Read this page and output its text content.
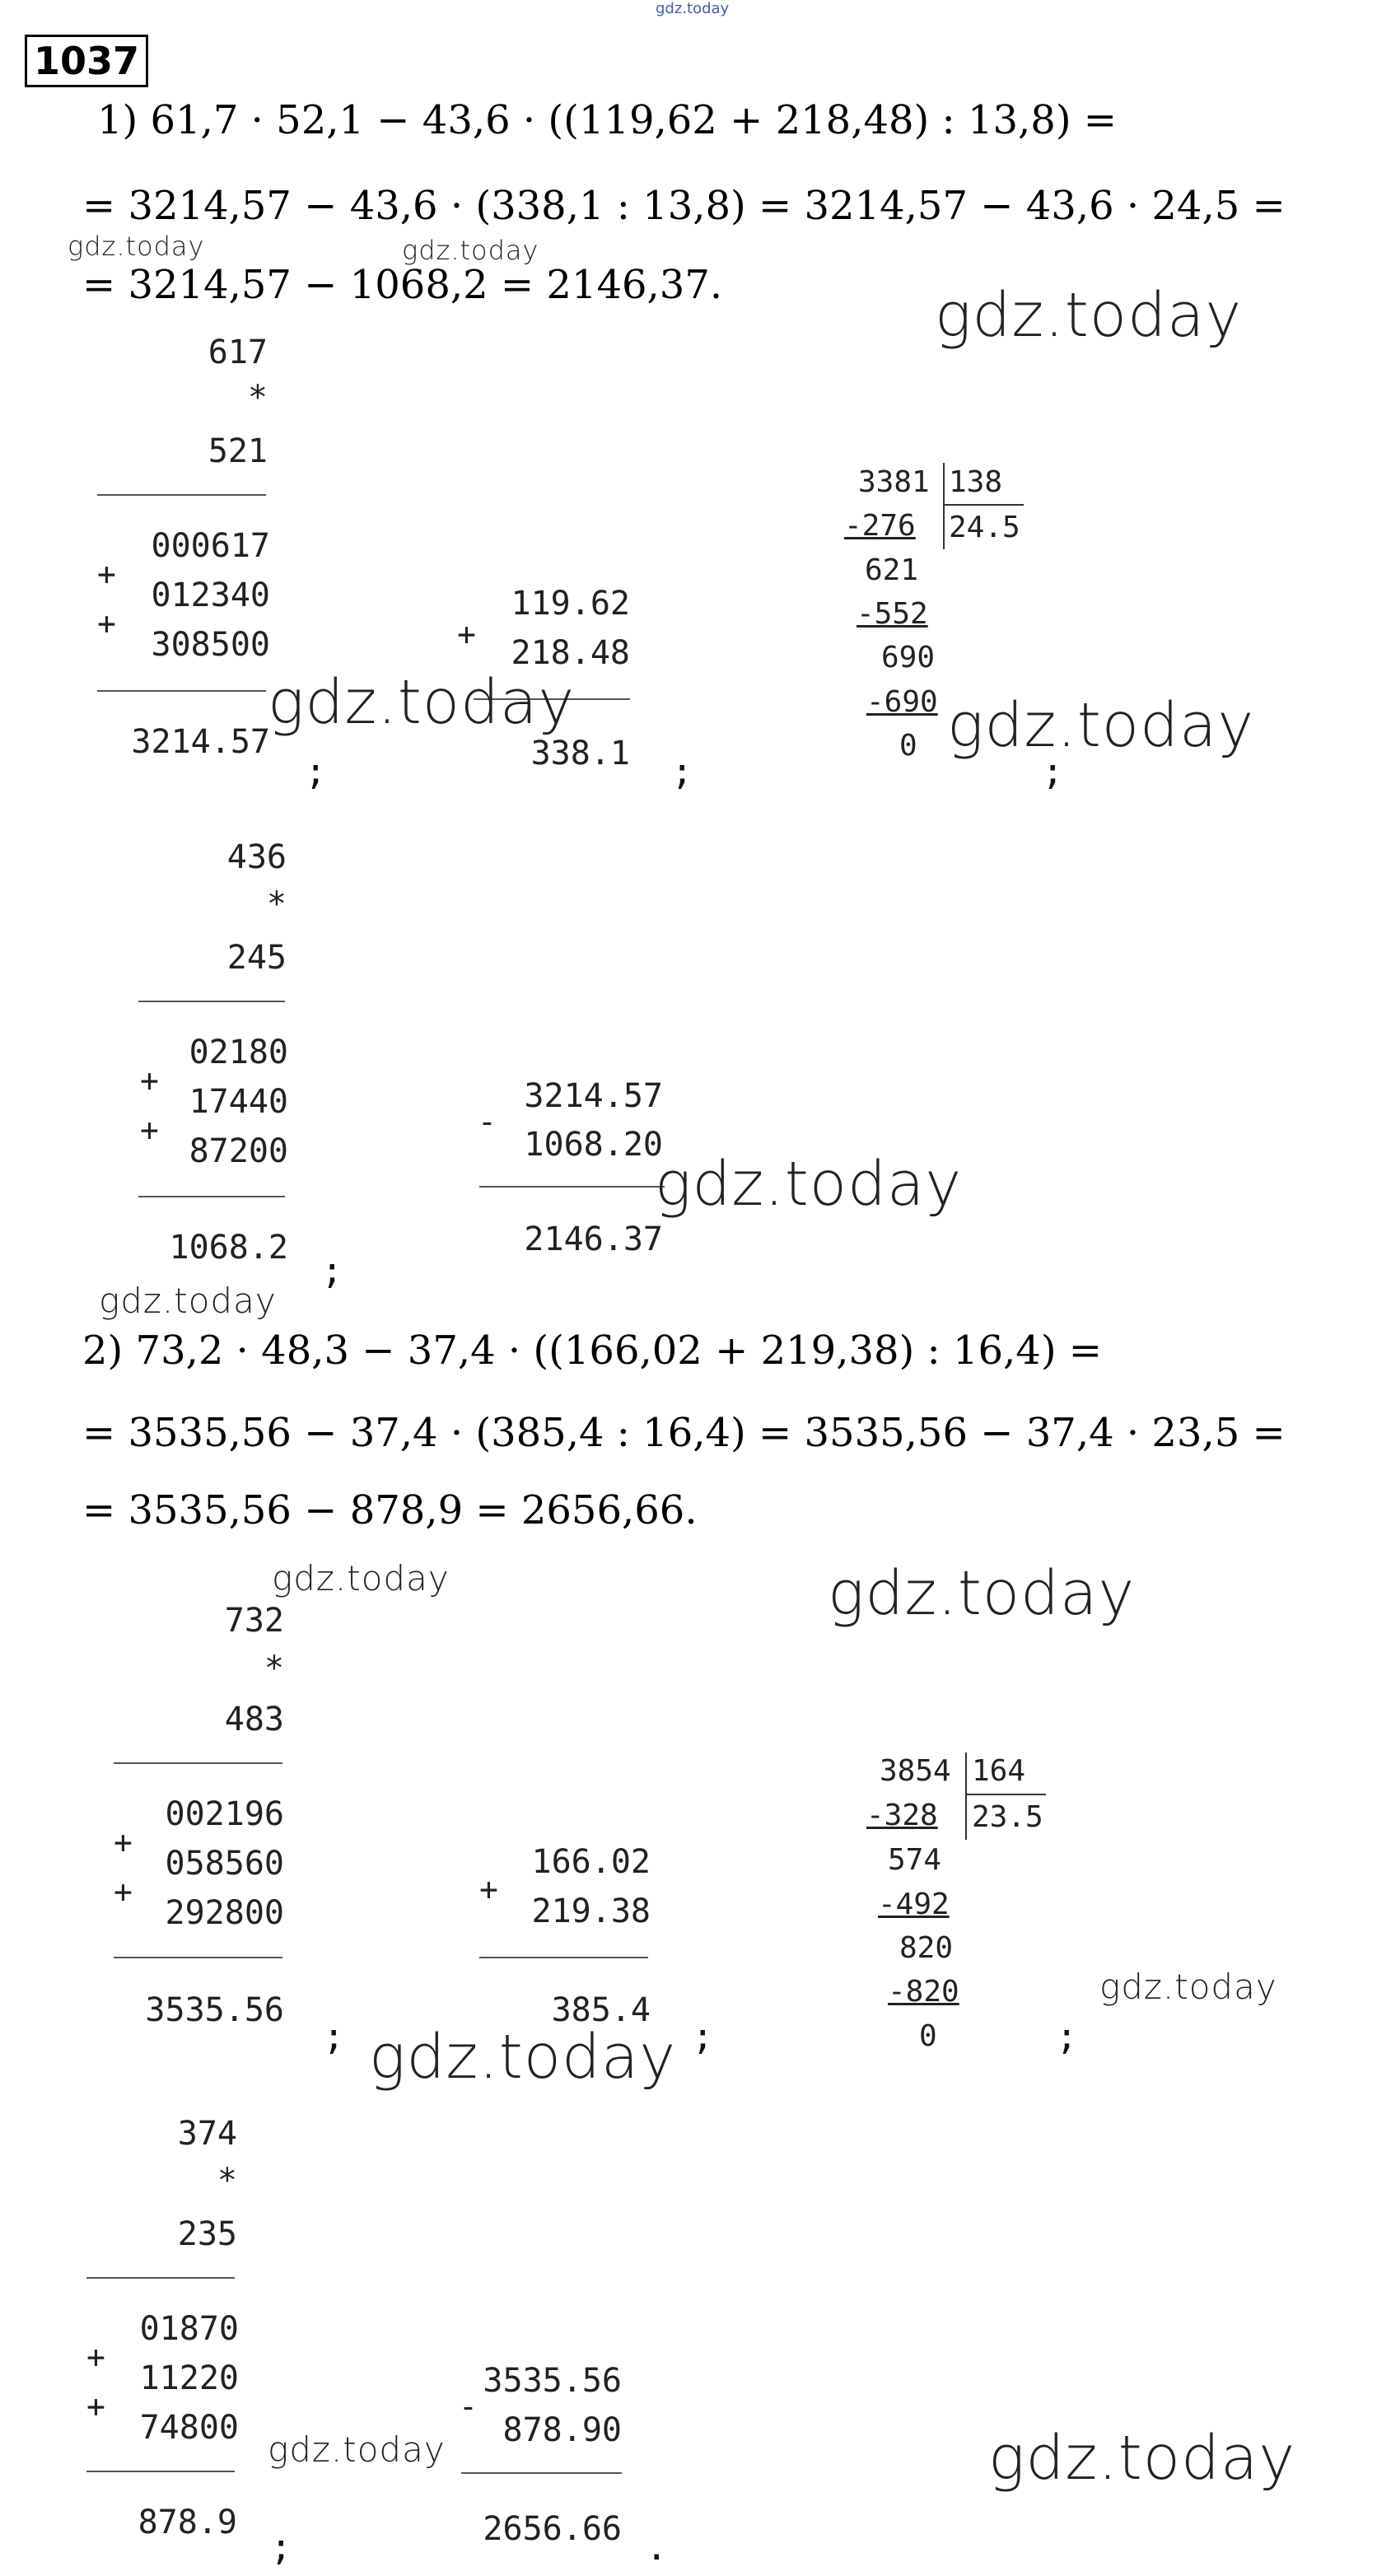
gdz.today
1037
1) 61,7 · 52,1 − 43,6 · ((119,62 + 218,48) : 13,8) =
= 3214,57 − 43,6 · (338,1 : 13,8) = 3214,57 − 43,6 · 24,5 =
= 3214,57 − 1068,2 = 2146,37.
617
*
521
000617
+
012340
+
308500
3214.57
;
119.62
+	218.48
338.1 ;
3381 138
24.5
-276
621
-552
690
-690
0
;
436
*
245
02180
+
17440
+
87200
1068.2
;
-
3214.57
1068.20
2146.37
2) 73,2 · 48,3 − 37,4 · ((166,02 + 219,38) : 16,4) =
= 3535,56 − 37,4 · (385,4 : 16,4) = 3535,56 − 37,4 · 23,5 =
= 3535,56 − 878,9 = 2656,66.
732
*
483
002196
+
058560
+
292800
3535.56
;
166.02
+
219.38
385.4
;
3854 164
23.5
-328
574
-492
820
-820
0	;
374
*
235
01870
+
11220
+
74800
878.9
;
3535.56
-
878.90
2656.66 .
gdz.today	gdz.today
gdz.today
gdz.today	gdz.today
gdz.today
gdz.today
gdz.today	gdz.today
gdz.today
gdz.today
gdz.today	gdz.today
